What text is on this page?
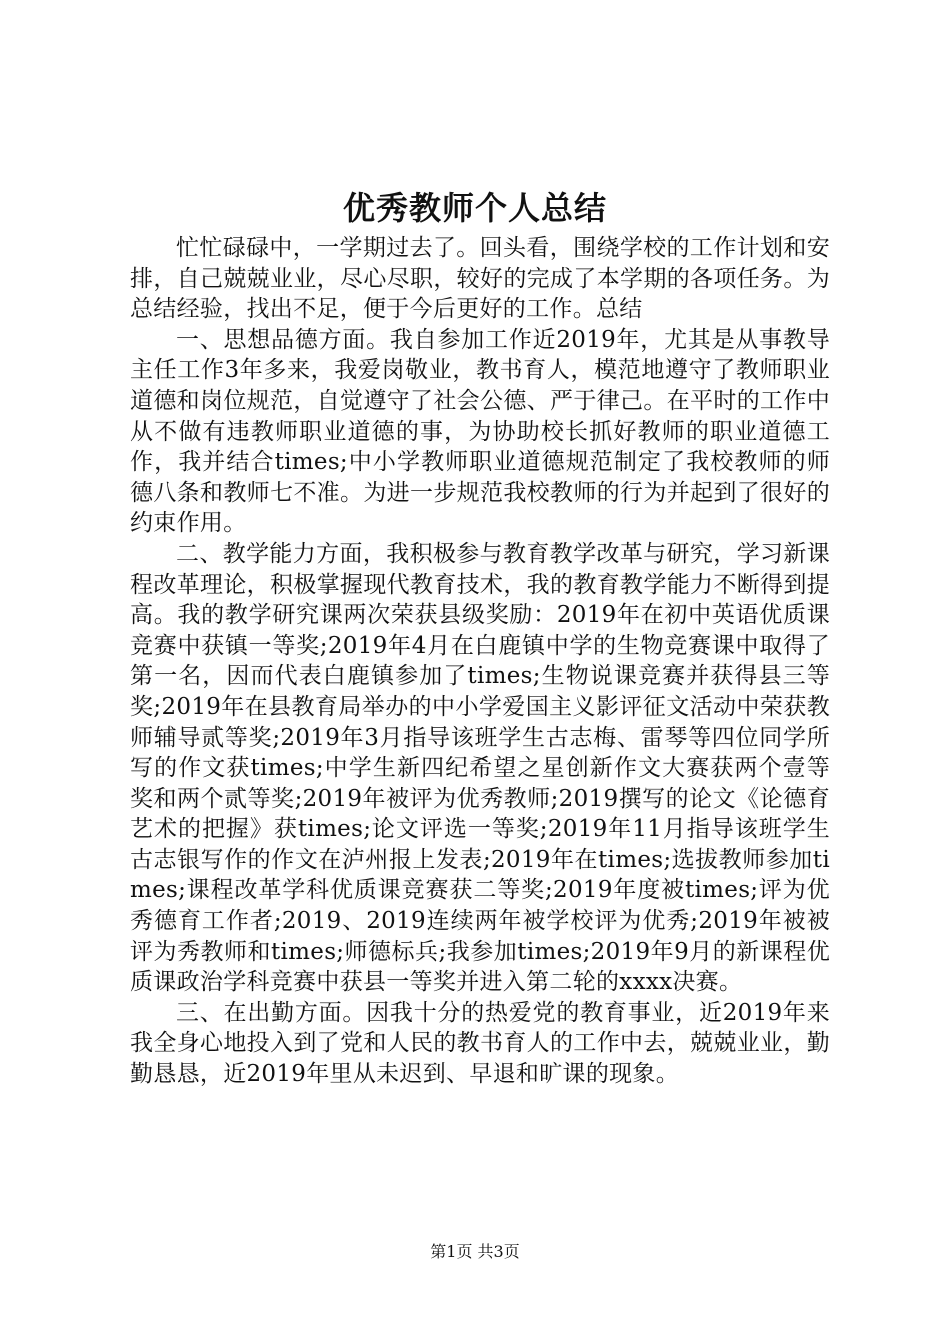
优秀教师个人总结

忙忙碌碌中，一学期过去了。回头看，围绕学校的工作计划和安排，自己兢兢业业，尽心尽职，较好的完成了本学期的各项任务。为总结经验，找出不足，便于今后更好的工作。总结

一、思想品德方面。我自参加工作近2019年，尤其是从事教导主任工作3年多来，我爱岗敬业，教书育人，模范地遵守了教师职业道德和岗位规范，自觉遵守了社会公德、严于律己。在平时的工作中从不做有违教师职业道德的事，为协助校长抓好教师的职业道德工作，我并结合times;中小学教师职业道德规范制定了我校教师的师德八条和教师七不准。为进一步规范我校教师的行为并起到了很好的约束作用。

二、教学能力方面，我积极参与教育教学改革与研究，学习新课程改革理论，积极掌握现代教育技术，我的教育教学能力不断得到提高。我的教学研究课两次荣获县级奖励：2019年在初中英语优质课竞赛中获镇一等奖;2019年4月在白鹿镇中学的生物竞赛课中取得了第一名，因而代表白鹿镇参加了times;生物说课竞赛并获得县三等奖;2019年在县教育局举办的中小学爱国主义影评征文活动中荣获教师辅导贰等奖;2019年3月指导该班学生古志梅、雷琴等四位同学所写的作文获times;中学生新四纪希望之星创新作文大赛获两个壹等奖和两个贰等奖;2019年被评为优秀教师;2019撰写的论文《论德育艺术的把握》获times;论文评选一等奖;2019年11月指导该班学生古志银写作的作文在泸州报上发表;2019年在times;选拔教师参加times;课程改革学科优质课竞赛获二等奖;2019年度被times;评为优秀德育工作者;2019、2019连续两年被学校评为优秀;2019年被被评为秀教师和times;师德标兵;我参加times;2019年9月的新课程优质课政治学科竞赛中获县一等奖并进入第二轮的xxxx决赛。

三、在出勤方面。因我十分的热爱党的教育事业，近2019年来我全身心地投入到了党和人民的教书育人的工作中去，兢兢业业，勤勤恳恳，近2019年里从未迟到、早退和旷课的现象。

第1页 共3页
